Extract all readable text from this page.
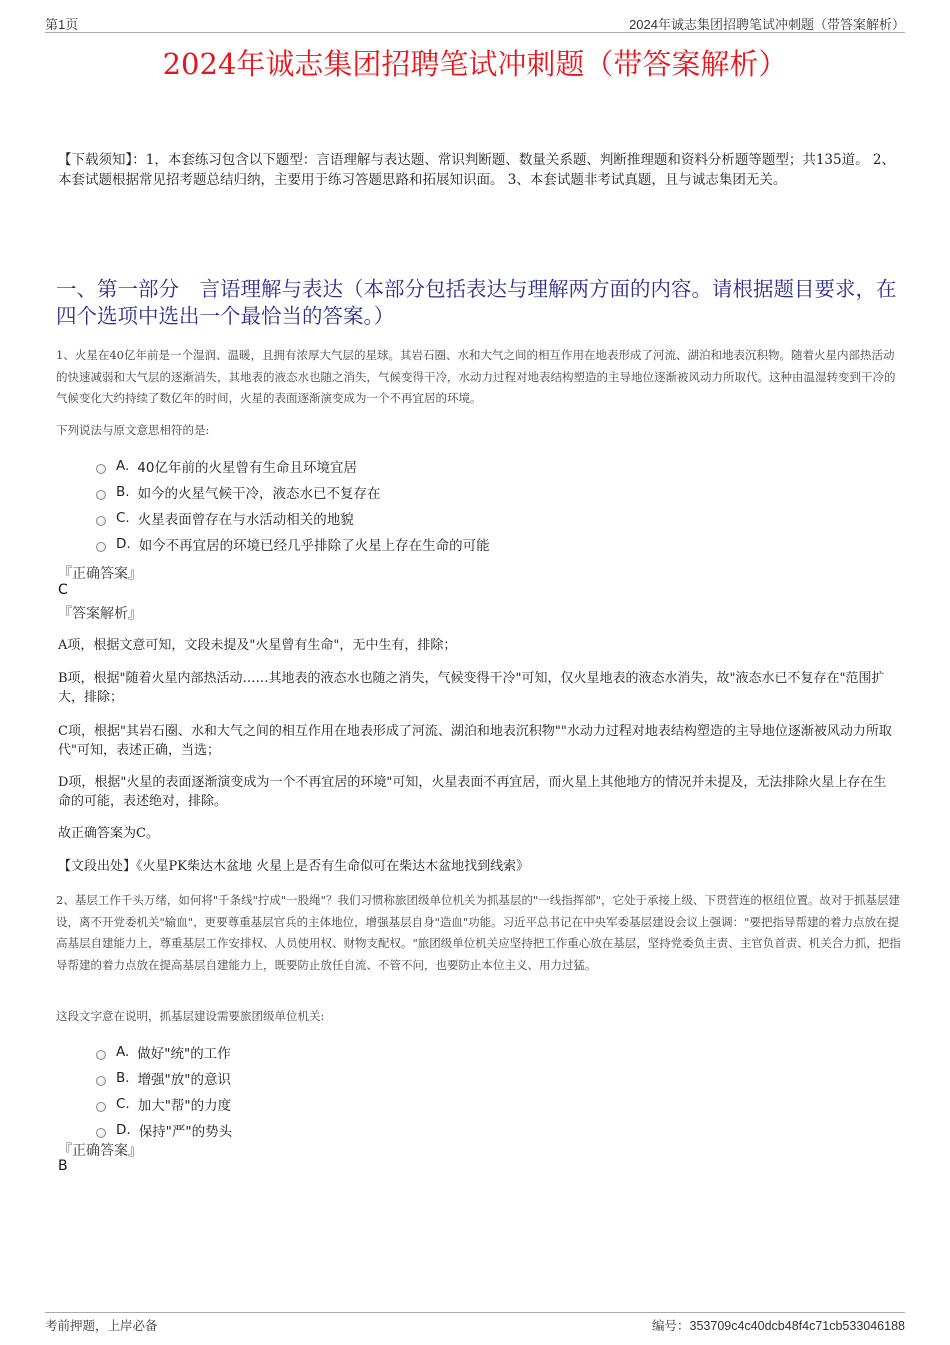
第1页	2024年诚志集团招聘笔试冲刺题（带答案解析）
2024年诚志集团招聘笔试冲刺题（带答案解析）
【下载须知】：1，本套练习包含以下题型：言语理解与表达题、常识判断题、数量关系题、判断推理题和资料分析题等题型；共135道。 2、本套试题根据常见招考题总结归纳，主要用于练习答题思路和拓展知识面。 3、本套试题非考试真题，且与诚志集团无关。
一、第一部分　言语理解与表达（本部分包括表达与理解两方面的内容。请根据题目要求，在四个选项中选出一个最恰当的答案。）
1、火星在40亿年前是一个湿润、温暖，且拥有浓厚大气层的星球。其岩石圈、水和大气之间的相互作用在地表形成了河流、湖泊和地表沉积物。随着火星内部热活动的快速减弱和大气层的逐渐消失，其地表的液态水也随之消失，气候变得干冷，水动力过程对地表结构塑造的主导地位逐渐被风动力所取代。这种由温湿转变到干冷的气候变化大约持续了数亿年的时间，火星的表面逐渐演变成为一个不再宜居的环境。
下列说法与原文意思相符的是:
A. 40亿年前的火星曾有生命且环境宜居
B. 如今的火星气候干冷，液态水已不复存在
C. 火星表面曾存在与水活动相关的地貌
D. 如今不再宜居的环境已经几乎排除了火星上存在生命的可能
『正确答案』
C
『答案解析』
A项，根据文意可知，文段未提及"火星曾有生命"，无中生有，排除；
B项，根据"随着火星内部热活动……其地表的液态水也随之消失，气候变得干冷"可知，仅火星地表的液态水消失，故"液态水已不复存在"范围扩大，排除；
C项，根据"其岩石圈、水和大气之间的相互作用在地表形成了河流、湖泊和地表沉积物""水动力过程对地表结构塑造的主导地位逐渐被风动力所取代"可知，表述正确，当选；
D项，根据"火星的表面逐渐演变成为一个不再宜居的环境"可知，火星表面不再宜居，而火星上其他地方的情况并未提及，无法排除火星上存在生命的可能，表述绝对，排除。
故正确答案为C。
【文段出处】《火星PK柴达木盆地 火星上是否有生命似可在柴达木盆地找到线索》
2、基层工作千头万绪，如何将"千条线"拧成"一股绳"？我们习惯称旅团级单位机关为抓基层的"一线指挥部"，它处于承接上级、下贯营连的枢纽位置。故对于抓基层建设，离不开党委机关"输血"，更要尊重基层官兵的主体地位，增强基层自身"造血"功能。习近平总书记在中央军委基层建设会议上强调："要把指导帮建的着力点放在提高基层自建能力上，尊重基层工作安排权、人员使用权、财物支配权。"旅团级单位机关应坚持把工作重心放在基层，坚持党委负主责、主官负首责、机关合力抓，把指导帮建的着力点放在提高基层自建能力上，既要防止放任自流、不管不问，也要防止本位主义、用力过猛。
这段文字意在说明，抓基层建设需要旅团级单位机关:
A. 做好"统"的工作
B. 增强"放"的意识
C. 加大"帮"的力度
D. 保持"严"的势头
『正确答案』
B
考前押题，上岸必备	编号：353709c4c40dcb48f4c71cb533046188
